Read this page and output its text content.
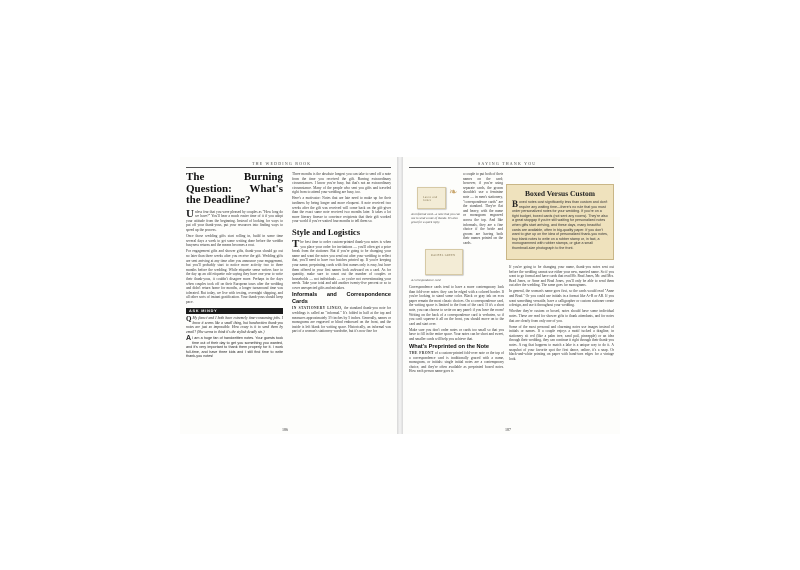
THE WEDDING BOOK
The Burning Question: What's the Deadline?

Unless fear that you were pleased by couples as "How long do we have?" You'll hear a much easier time of it if you adopt your attitude from the beginning. Instead of looking for ways to put off your thank-yous, put your resources into finding ways to speed up the process.

Once those wedding gifts start rolling in, build in some time several days a week to get some writing done before the weddin busyness returns and the means becomes a rout.

For engagement gifts and shower gifts, thank-yous should go out no later than three weeks after you receive the gift. Wedding gifts are sent arriving at any time after you announce your engagement, but you'll probably start to notice more activity two to three months before the wedding. While etiquette sense writers face to the day up an old etiquette rule saying they have one year to write their thank-yous, it couldn't disagree more. Perhaps in the days when couples took off on their European tours after the wedding and didn't return home for months, a longer turnaround time was tolerated. But today, we live with texting, overnight shipping, and all other sorts of instant gratification. Your thank-yous should keep pace.

ASK MINDY

Q My fiancé and I both have extremely time-consuming jobs. I know it seems like a small thing, but handwritten thank-you notes are just so impossible. How crazy is it to send them by email? (She seems to think it's the stylish deadly sin.)

A I am a huge fan of handwritten notes. Your guests took time out of their day to get you something you wanted, and it's very important to thank them properly for it. I work full-time, and have three kids and I still find time to write thank-you notes!

Three months is the absolute longest you can take to send off a note from the time you received the gift. Barring extraordinary circumstances. I know you're busy, but that's not an extraordinary circumstance. Many of the people who sent you gifts and traveled right from to attend your wedding are busy, too.

Here's a motivator: Notes that are late need to make up for their tardiness by being longer and more eloquent. A note received two weeks after the gift was received will come back on the gift-giver than the exact same note received two months later. It takes a lot more literary finesse to convince recipients that their gift worked your world if you've waited four months to tell them so.

Style and Logistics

The best time to order custom-printed thank-you notes is when you place your order for invitations — you'll often get a price break from the stationer. But if you're going to be changing your name and want the notes you send out after your wedding to reflect that, you'll need to have two batches printed up. If you're keeping your name, preprinting cards with first names only is easy, but have them offered in your first names look awkward on a card. As for quantity, make sure to count out the number of couples or households — not individuals — so you're not overestimating your needs. Take your total and add another twenty-five percent or so to cover unexpected gifts and mistakes.

Informals and Correspondence Cards

IN STATIONERY LINGO, the standard thank-you note for weddings is called an "informal." It's folded in half at the top and measures approximately 3½ inches by 5 inches. Generally, names or monograms are engraved or blind embossed on the front, and the inside is left blank for writing space. Historically, an informal was part of a woman's stationery wardrobe, but it's now fine for

186
SAYING THANK YOU
Laura and James
❧
An informal card—a note that you can use to send a note of thanks. It's also great for a quick reply.
RACHEL GREEN
A correspondence card

a couple to put both of their names on the card; however, if you're using separate cards, the groom shouldn't use a feminine note — in men's stationery, "correspondence cards" are the standard. They're flat and heavy, with the name or monogram engraved across the top. And like informals, they are a fine choice if the bride and groom are having both their names printed on the cards.

Correspondence cards tend to have a more contemporary look than fold-over notes: they can be edged with a colored border. If you're looking to stand some color. Black or gray ink on ecru paper remain the most classic choices. On a correspondence card, the writing space is limited to the front of the card. If it's a short note, you can choose to write on any panel: if you have the room! Writing on the back of a correspondence card is verboten, so if you can't squeeze it all on the front, you should move on to the card and start over.

Make sure you don't order notes or cards too small so that you have to fill in the entire space. Your notes can be short and sweet, and smaller cards will help you achieve that.

What's Preprinted on the Note

THE FRONT of a custom-printed fold-over note or the top of a correspondence card is traditionally graced with a name, monogram, or initials: single initial notes are a contemporary choice, and they're often available as preprinted boxed notes. How each person name goes is

Boxed Versus Custom

Boxed notes cost significantly less than custom and don't require any waiting time—there's no rule that you must order personalized notes for your wedding. If you're on a tight budget, boxed cards (not sent any rooms). They're also a great stopgap if you're still waiting for personalized notes when gifts start arriving, and these days, many beautiful cards are available, often in big-quality paper. If you don't want to give up on the idea of personalized thank-you notes, buy blank notes to write on a rubber stamp or, in fact, a monogrammed with rubber stamps, or glue a small thumbnail-size photograph to the front.

If you're going to be changing your name, thank-you notes sent out before the wedding cannot use either your new, married name. So if you want to go formal and have cards that read Mr. Brad Jones, Mr. and Mrs. Brad Jones, or Anne and Brad Jones, you'll only be able to send them out after the wedding. The same goes for monograms.

In general, the woman's name goes first, so the cards would read "Anne and Brad." Or you could use initials in a format like A+B or AB. If you want something versatile, have a calligrapher or custom stationer create a design, and use it throughout your wedding.

Whether they're custom or boxed, notes should have some individual notes. These are read for shower gifts to thank attendants, and for notes that are clearly from only one of you.

Some of the most personal and charming notes use images instead of initials or names. If a couple enjoys a motif tucked a dragline, in stationery sit red (like a palm tree, sand pail, pineapple) or an idea through their wedding, they can continue it right through their thank-you notes. A rug that happens to match a lake is a unique way to do it. A snapshot of your favorite spot the first dance, online, it's a snap. Or black-and-white printing on paper with hand-torn edges for a vintage look.

187
